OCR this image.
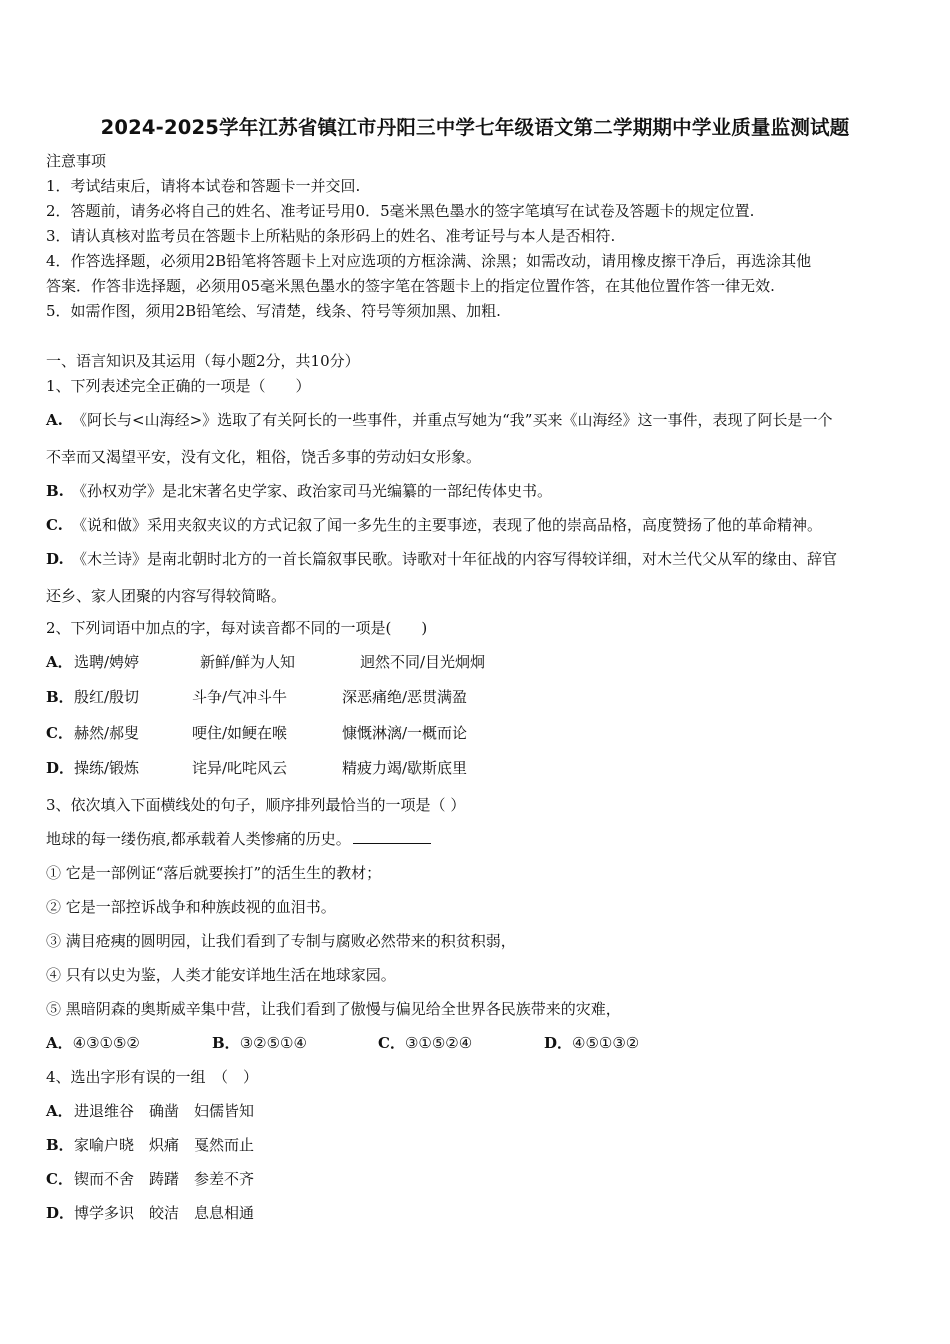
2024-2025学年江苏省镇江市丹阳三中学七年级语文第二学期期中学业质量监测试题
注意事项
1．考试结束后，请将本试卷和答题卡一并交回.
2．答题前，请务必将自己的姓名、准考证号用0．5毫米黑色墨水的签字笔填写在试卷及答题卡的规定位置.
3．请认真核对监考员在答题卡上所粘贴的条形码上的姓名、准考证号与本人是否相符.
4．作答选择题，必须用2B铅笔将答题卡上对应选项的方框涂满、涂黑；如需改动，请用橡皮擦干净后，再选涂其他
答案．作答非选择题，必须用05毫米黑色墨水的签字笔在答题卡上的指定位置作答，在其他位置作答一律无效.
5．如需作图，须用2B铅笔绘、写清楚，线条、符号等须加黑、加粗.
一、语言知识及其运用（每小题2分，共10分）
1、下列表述完全正确的一项是（　　）
A. 《阿长与<山海经>》选取了有关阿长的一些事件，并重点写她为“我”买来《山海经》这一事件，表现了阿长是一个
不幸而又渴望平安，没有文化，粗俗，饶舌多事的劳动妇女形象。
B. 《孙权劝学》是北宋著名史学家、政治家司马光编纂的一部纪传体史书。
C. 《说和做》采用夹叙夹议的方式记叙了闻一多先生的主要事迹，表现了他的崇高品格，高度赞扬了他的革命精神。
D. 《木兰诗》是南北朝时北方的一首长篇叙事民歌。诗歌对十年征战的内容写得较详细，对木兰代父从军的缘由、辞官
还乡、家人团聚的内容写得较简略。
2、下列词语中加点的字，每对读音都不同的一项是(　　)
A．选聘/娉婷	新鲜/鲜为人知	迥然不同/目光炯炯
B．殷红/殷切	斗争/气冲斗牛	深恶痛绝/恶贯满盈
C．赫然/郝叟	哽住/如鲠在喉	慷慨淋漓/一概而论
D．操练/锻炼	诧异/叱咤风云	精疲力竭/歇斯底里
3、依次填入下面横线处的句子，顺序排列最恰当的一项是（ ）
地球的每一缕伤痕,都承载着人类惨痛的历史。
① 它是一部例证“落后就要挨打”的活生生的教材；
② 它是一部控诉战争和种族歧视的血泪书。
③ 满目疮痍的圆明园，让我们看到了专制与腐败必然带来的积贫积弱，
④ 只有以史为鉴，人类才能安详地生活在地球家园。
⑤ 黑暗阴森的奥斯威辛集中营，让我们看到了傲慢与偏见给全世界各民族带来的灾难，
A．④③①⑤②	B．③②⑤①④	C．③①⑤②④	D．④⑤①③②
4、选出字形有误的一组　（　）
A．进退维谷　确凿　妇儒皆知
B．家喻户晓　炽痛　戛然而止
C．锲而不舍　踌躇　参差不齐
D．博学多识　皎洁　息息相通
